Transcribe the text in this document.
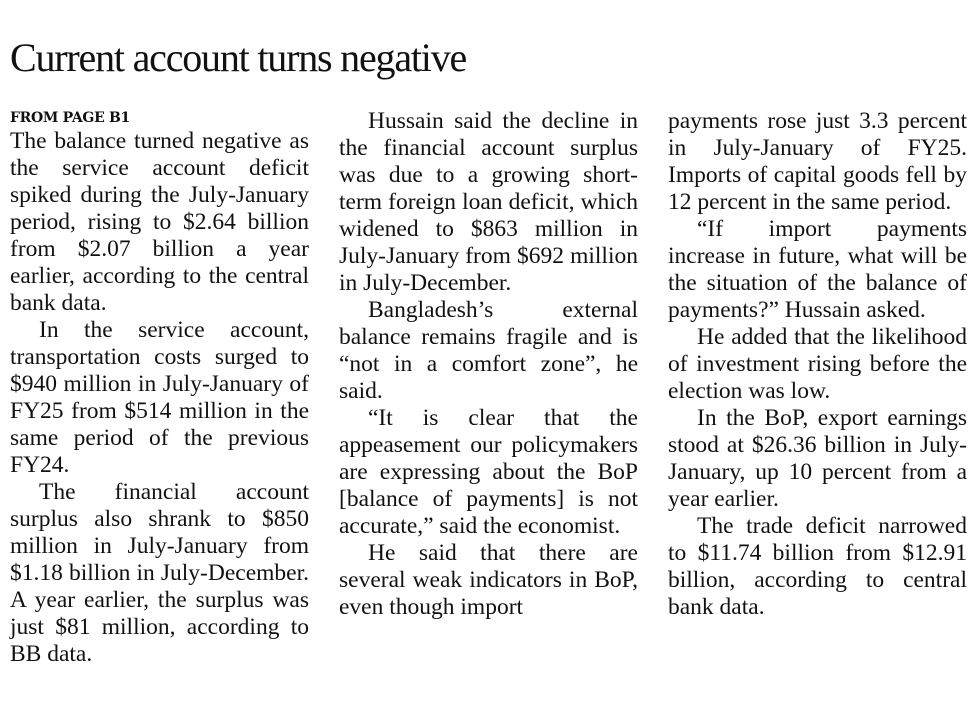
Current account turns negative
FROM PAGE B1

The balance turned negative as the service account deficit spiked during the July-January period, rising to $2.64 billion from $2.07 billion a year earlier, according to the central bank data.

In the service account, transportation costs surged to $940 million in July-January of FY25 from $514 million in the same period of the previous FY24.

The financial account surplus also shrank to $850 million in July-January from $1.18 billion in July-December. A year earlier, the surplus was just $81 million, according to BB data.

Hussain said the decline in the financial account surplus was due to a growing short-term foreign loan deficit, which widened to $863 million in July-January from $692 million in July-December.

Bangladesh’s external balance remains fragile and is “not in a comfort zone”, he said.

“It is clear that the appeasement our policymakers are expressing about the BoP [balance of payments] is not accurate,” said the economist.

He said that there are several weak indicators in BoP, even though import

payments rose just 3.3 percent in July-January of FY25. Imports of capital goods fell by 12 percent in the same period.

“If import payments increase in future, what will be the situation of the balance of payments?” Hussain asked.

He added that the likelihood of investment rising before the election was low.

In the BoP, export earnings stood at $26.36 billion in July-January, up 10 percent from a year earlier.

The trade deficit narrowed to $11.74 billion from $12.91 billion, according to central bank data.
